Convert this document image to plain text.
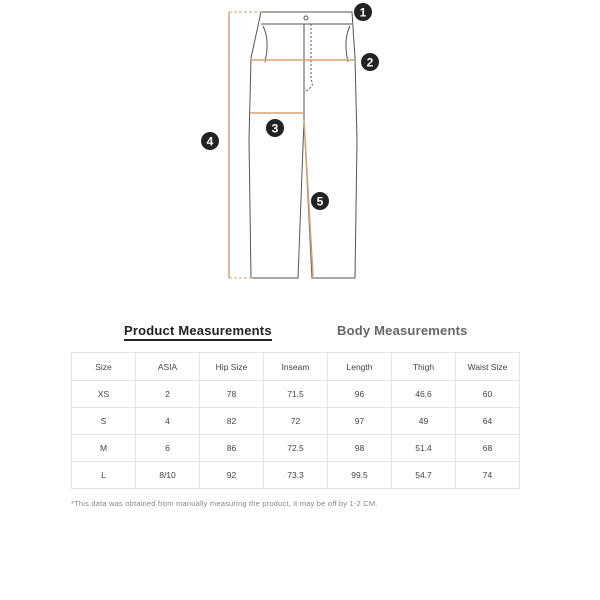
1
2
3
4
5
Product Measurements	Body Measurements
Size	ASIA	Hip Size	Inseam	Length	Thigh	Waist Size
XS	2	78	71.5	96	46.6	60
S	4	82	72	97	49	64
M	6	86	72.5	98	51.4	68
L	8/10	92	73.3	99.5	54.7	74
*This data was obtained from manually measuring the product, it may be off by 1-2 CM.
